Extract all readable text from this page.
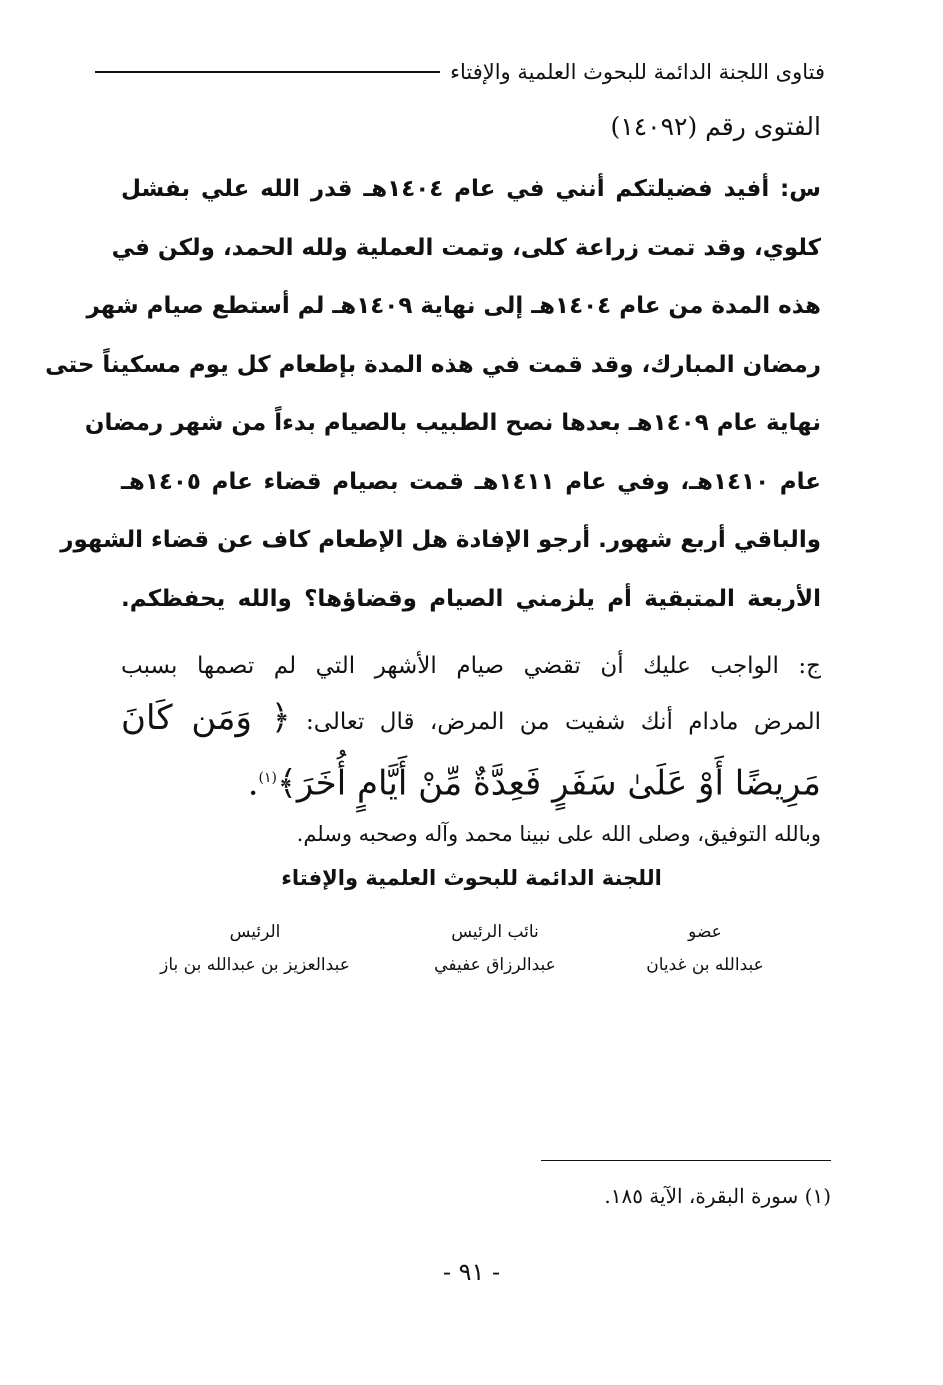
فتاوى اللجنة الدائمة للبحوث العلمية والإفتاء
الفتوى رقم (١٤٠٩٢)
س: أفيد فضيلتكم أنني في عام ١٤٠٤هـ قدر الله علي بفشل
كلوي، وقد تمت زراعة كلى، وتمت العملية ولله الحمد، ولكن في
هذه المدة من عام ١٤٠٤هـ إلى نهاية ١٤٠٩هـ لم أستطع صيام شهر
رمضان المبارك، وقد قمت في هذه المدة بإطعام كل يوم مسكيناً حتى
نهاية عام ١٤٠٩هـ بعدها نصح الطبيب بالصيام بدءاً من شهر رمضان
عام ١٤١٠هـ، وفي عام ١٤١١هـ قمت بصيام قضاء عام ١٤٠٥هـ
والباقي أربع شهور. أرجو الإفادة هل الإطعام كاف عن قضاء الشهور
الأربعة المتبقية أم يلزمني الصيام وقضاؤها؟ والله يحفظكم.
ج: الواجب عليك أن تقضي صيام الأشهر التي لم تصمها بسبب
المرض مادام أنك شفيت من المرض، قال تعالى: ﴿ وَمَن كَانَ
مَرِيضًا أَوْ عَلَىٰ سَفَرٍ فَعِدَّةٌ مِّنْ أَيَّامٍ أُخَرَ﴾$^{(١)}$.
وبالله التوفيق، وصلى الله على نبينا محمد وآله وصحبه وسلم.
اللجنة الدائمة للبحوث العلمية والإفتاء
عضو
عبدالله بن غديان
نائب الرئيس
عبدالرزاق عفيفي
الرئيس
عبدالعزيز بن عبدالله بن باز
(١) سورة البقرة، الآية ١٨٥.
- ٩١ -
